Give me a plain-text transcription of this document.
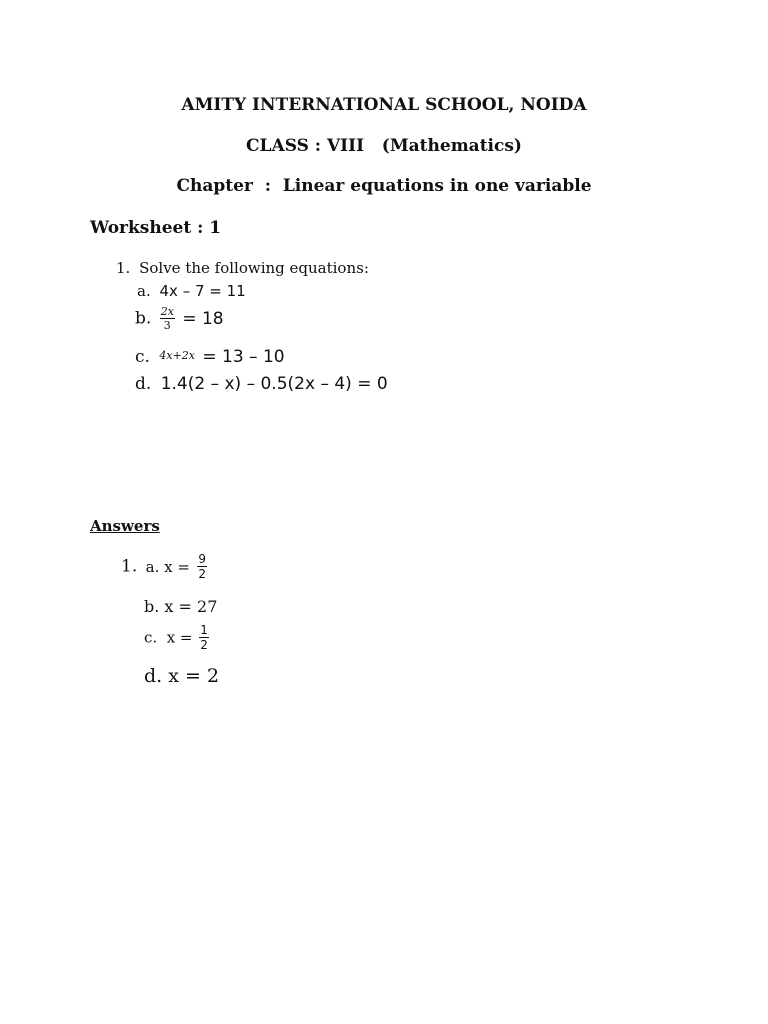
AMITY INTERNATIONAL SCHOOL, NOIDA
CLASS : VIII   (Mathematics)
Chapter  :  Linear equations in one variable
Worksheet : 1
1. Solve the following equations:
a. 4x – 7 = 11
b. $\frac{2x}{3} = 18$
c. 4x+2x = 13 – 10
d. 1.4(2 – x) – 0.5(2x – 4) = 0
Answers
1. a. $x = \frac{9}{2}$
b. x = 27
c.  $x = \frac{1}{2}$
d. x = 2
